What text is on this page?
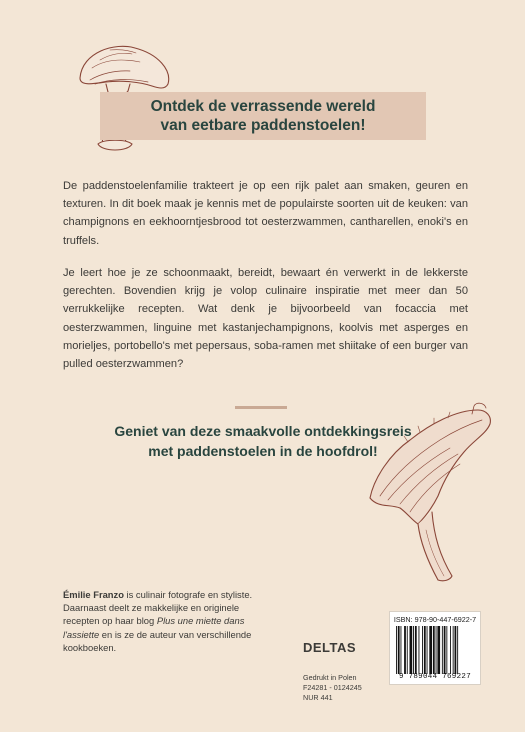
Ontdek de verrassende wereld
van eetbare paddenstoelen!

De paddenstoelenfamilie trakteert je op een rijk palet aan smaken, geuren en texturen. In dit boek maak je kennis met de populairste soorten uit de keuken: van champignons en eekhoorntjesbrood tot oesterzwammen, cantharellen, enoki's en truffels.

Je leert hoe je ze schoonmaakt, bereidt, bewaart én verwerkt in de lekkerste gerechten. Bovendien krijg je volop culinaire inspiratie met meer dan 50 verrukkelijke recepten. Wat denk je bijvoorbeeld van focaccia met oesterzwammen, linguine met kastanjechampignons, koolvis met asperges en morieljes, portobello's met pepersaus, soba-ramen met shiitake of een burger van pulled oesterzwammen?

Geniet van deze smaakvolle ontdekkingsreis
met paddenstoelen in de hoofdrol!

Émilie Franzo is culinair fotografe en styliste. Daarnaast deelt ze makkelijke en originele recepten op haar blog Plus une miette dans l'assiette en is ze de auteur van verschillende kookboeken.	DELTAS
Gedrukt in Polen
F24281 - 0124245
NUR 441
ISBN: 978-90-447-6922-7
9 789044 769227
